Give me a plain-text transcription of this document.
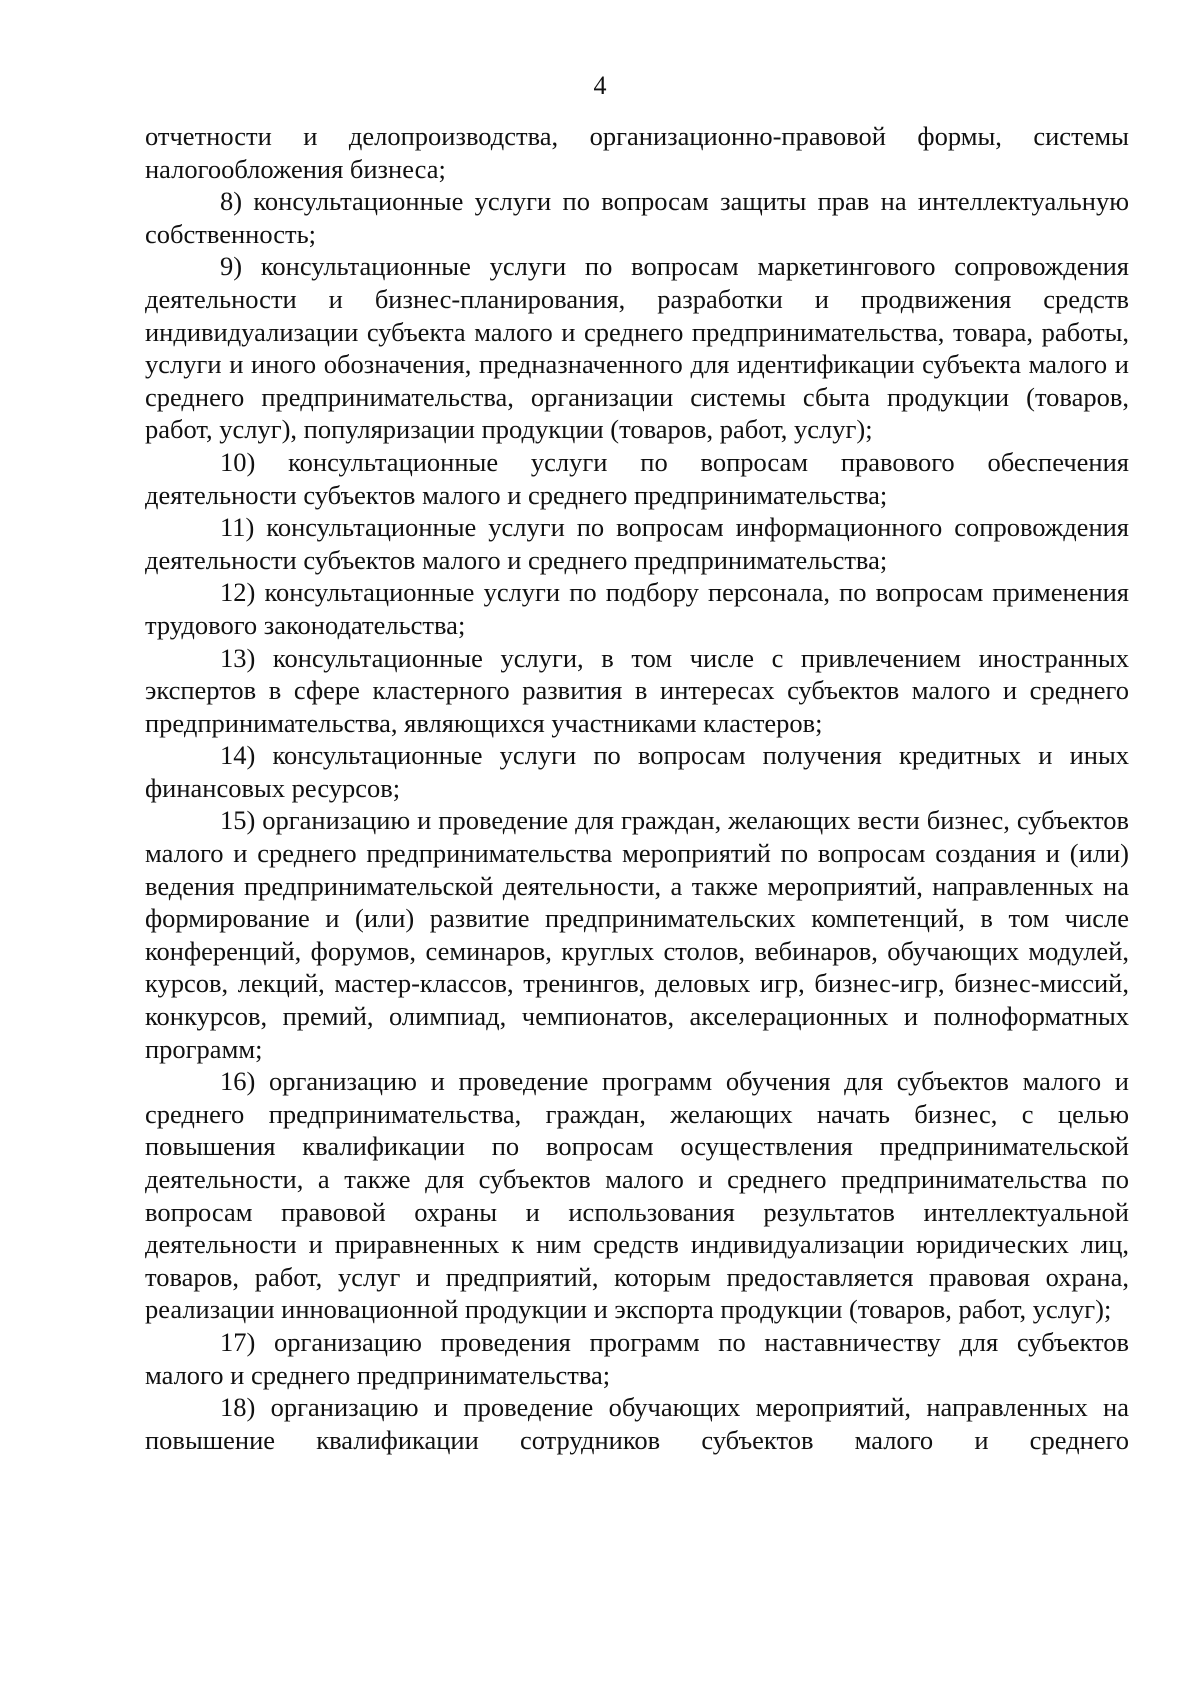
4

отчетности и делопроизводства, организационно-правовой формы, системы налогообложения бизнеса;

8) консультационные услуги по вопросам защиты прав на интеллектуальную собственность;

9) консультационные услуги по вопросам маркетингового сопровождения деятельности и бизнес-планирования, разработки и продвижения средств индивидуализации субъекта малого и среднего предпринимательства, товара, работы, услуги и иного обозначения, предназначенного для идентификации субъекта малого и среднего предпринимательства, организации системы сбыта продукции (товаров, работ, услуг), популяризации продукции (товаров, работ, услуг);

10) консультационные услуги по вопросам правового обеспечения деятельности субъектов малого и среднего предпринимательства;

11) консультационные услуги по вопросам информационного сопровождения деятельности субъектов малого и среднего предпринимательства;

12) консультационные услуги по подбору персонала, по вопросам применения трудового законодательства;

13) консультационные услуги, в том числе с привлечением иностранных экспертов в сфере кластерного развития в интересах субъектов малого и среднего предпринимательства, являющихся участниками кластеров;

14) консультационные услуги по вопросам получения кредитных и иных финансовых ресурсов;

15) организацию и проведение для граждан, желающих вести бизнес, субъектов малого и среднего предпринимательства мероприятий по вопросам создания и (или) ведения предпринимательской деятельности, а также мероприятий, направленных на формирование и (или) развитие предпринимательских компетенций, в том числе конференций, форумов, семинаров, круглых столов, вебинаров, обучающих модулей, курсов, лекций, мастер-классов, тренингов, деловых игр, бизнес-игр, бизнес-миссий, конкурсов, премий, олимпиад, чемпионатов, акселерационных и полноформатных программ;

16) организацию и проведение программ обучения для субъектов малого и среднего предпринимательства, граждан, желающих начать бизнес, с целью повышения квалификации по вопросам осуществления предпринимательской деятельности, а также для субъектов малого и среднего предпринимательства по вопросам правовой охраны и использования результатов интеллектуальной деятельности и приравненных к ним средств индивидуализации юридических лиц, товаров, работ, услуг и предприятий, которым предоставляется правовая охрана, реализации инновационной продукции и экспорта продукции (товаров, работ, услуг);

17) организацию проведения программ по наставничеству для субъектов малого и среднего предпринимательства;

18) организацию и проведение обучающих мероприятий, направленных на повышение квалификации сотрудников субъектов малого и среднего
